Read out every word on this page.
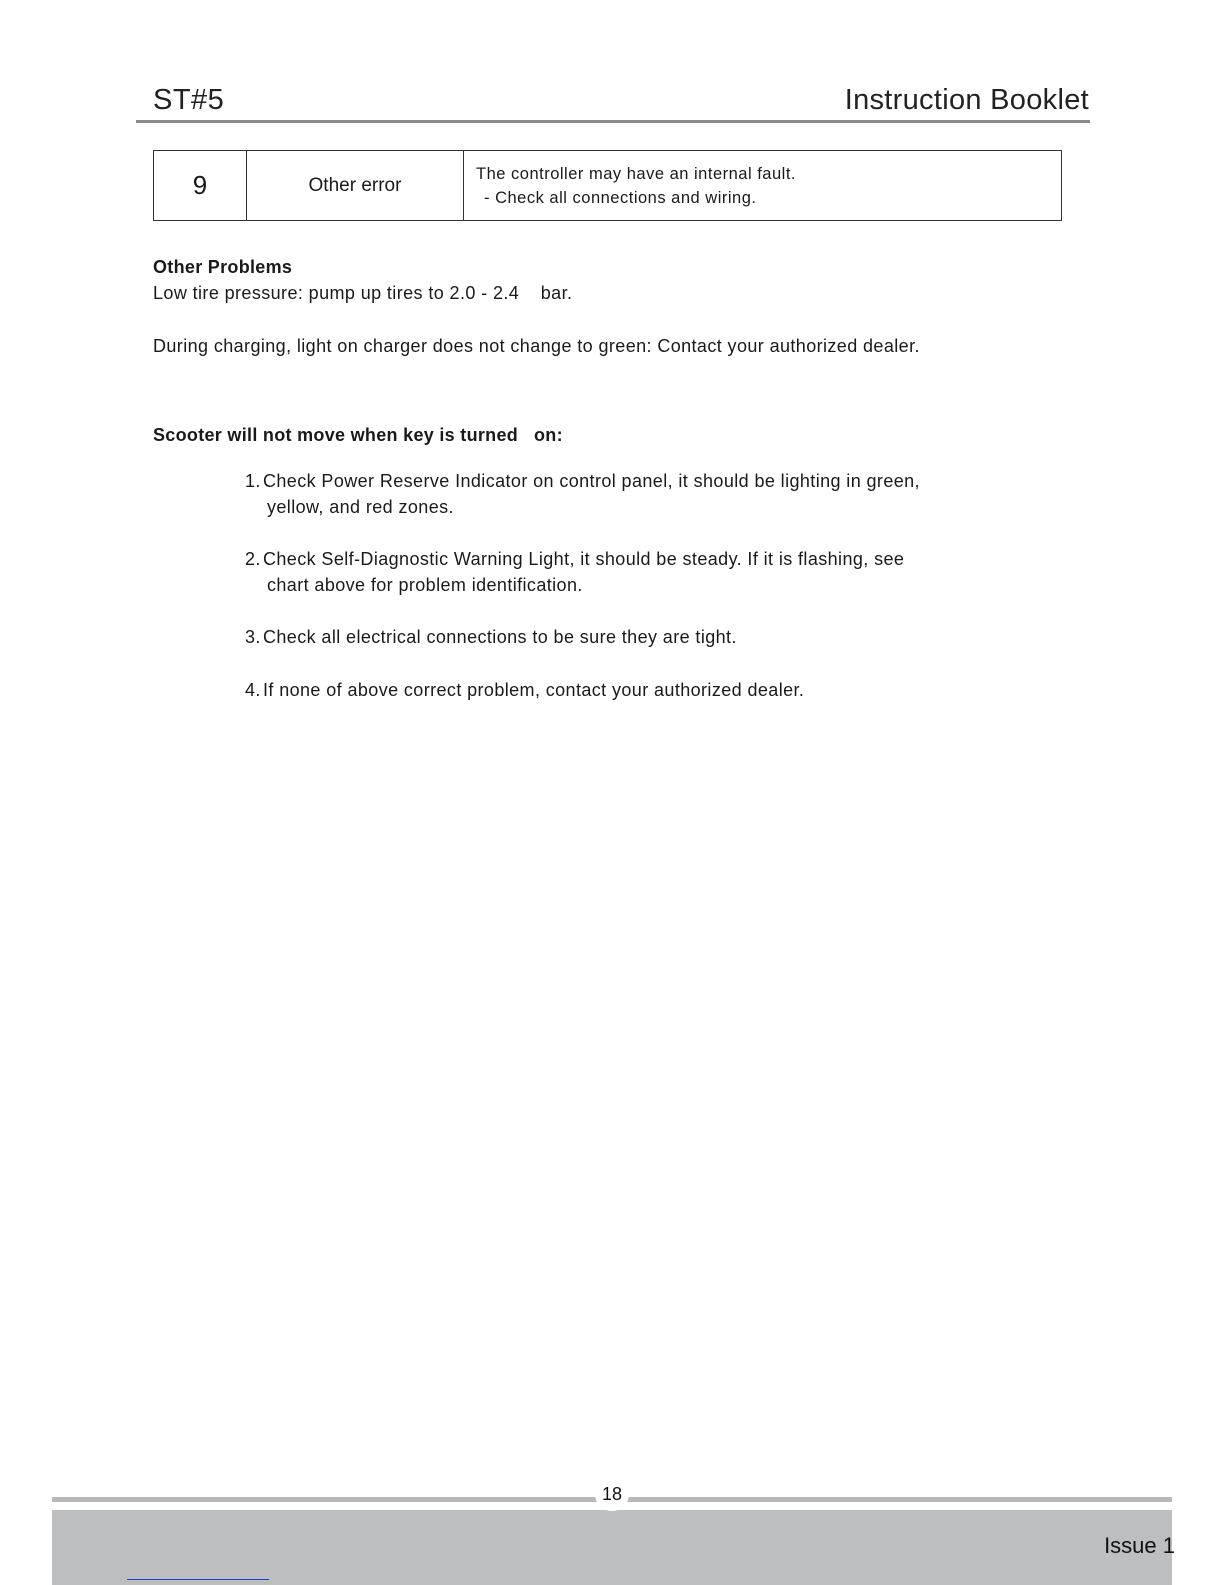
ST#5	Instruction Booklet
9	Other error	
The controller may have an internal fault.
- Check all connections and wiring.
Other Problems
Low tire pressure: pump up tires to 2.0 - 2.4    bar.
During charging, light on charger does not change to green: Contact your authorized dealer.
Scooter will not move when key is turned   on:
1. Check Power Reserve Indicator on control panel, it should be lighting in green,
yellow, and red zones.
2. Check Self-Diagnostic Warning Light, it should be steady. If it is flashing, see
chart above for problem identification.
3. Check all electrical connections to be sure they are tight.
4. If none of above correct problem, contact your authorized dealer.
18
Issue 1
